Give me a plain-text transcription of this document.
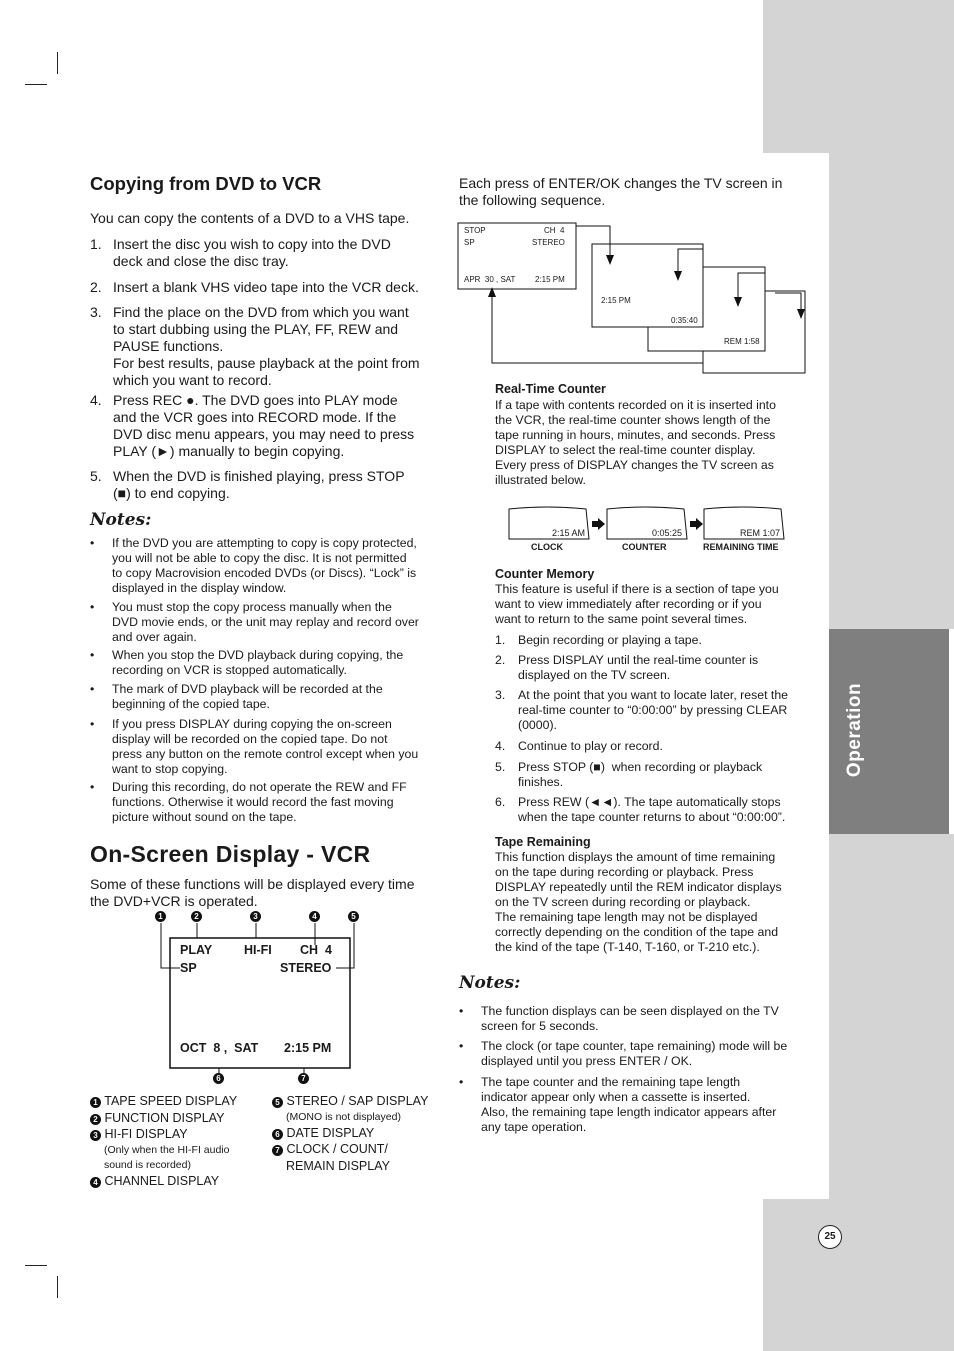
Operation
25
Copying from DVD to VCR
You can copy the contents of a DVD to a VHS tape.
1. Insert the disc you wish to copy into the DVD
deck and close the disc tray.
2. Insert a blank VHS video tape into the VCR deck.
3. Find the place on the DVD from which you want
to start dubbing using the PLAY, FF, REW and
PAUSE functions.
For best results, pause playback at the point from
which you want to record.
4. Press REC ●. The DVD goes into PLAY mode
and the VCR goes into RECORD mode. If the
DVD disc menu appears, you may need to press
PLAY (►) manually to begin copying.
5. When the DVD is finished playing, press STOP
(■) to end copying.
Notes:
• If the DVD you are attempting to copy is copy protected,
you will not be able to copy the disc. It is not permitted
to copy Macrovision encoded DVDs (or Discs). “Lock” is
displayed in the display window.
• You must stop the copy process manually when the
DVD movie ends, or the unit may replay and record over
and over again.
• When you stop the DVD playback during copying, the
recording on VCR is stopped automatically.
• The mark of DVD playback will be recorded at the
beginning of the copied tape.
• If you press DISPLAY during copying the on-screen
display will be recorded on the copied tape. Do not
press any button on the remote control except when you
want to stop copying.
• During this recording, do not operate the REW and FF
functions. Otherwise it would record the fast moving
picture without sound on the tape.
On-Screen Display - VCR
Some of these functions will be displayed every time
the DVD+VCR is operated.
1	2	3	4	5
6	7
PLAY	HI-FI CH  4
SP	STEREO
OCT  8 ,  SAT 2:15 PM
1 TAPE SPEED DISPLAY
2 FUNCTION DISPLAY
3 HI-FI DISPLAY
(Only when the HI-FI audio
sound is recorded)
4 CHANNEL DISPLAY
5 STEREO / SAP DISPLAY
(MONO is not displayed)
6 DATE DISPLAY
7 CLOCK / COUNT/
REMAIN DISPLAY
Each press of ENTER/OK changes the TV screen in
the following sequence.
STOP	CH  4
SP	STEREO
APR  30 , SAT 2:15 PM
2:15 PM
0:35:40
REM 1:58
Real-Time Counter
If a tape with contents recorded on it is inserted into
the VCR, the real-time counter shows length of the
tape running in hours, minutes, and seconds. Press
DISPLAY to select the real-time counter display.
Every press of DISPLAY changes the TV screen as
illustrated below.
2:15 AM	0:05:25	REM 1:07
CLOCK	COUNTER	REMAINING TIME
Counter Memory
This feature is useful if there is a section of tape you
want to view immediately after recording or if you
want to return to the same point several times.
1. Begin recording or playing a tape.
2. Press DISPLAY until the real-time counter is
displayed on the TV screen.
3. At the point that you want to locate later, reset the
real-time counter to “0:00:00” by pressing CLEAR
(0000).
4. Continue to play or record.
5. Press STOP (■)  when recording or playback
finishes.
6. Press REW (◄◄). The tape automatically stops
when the tape counter returns to about “0:00:00”.
Tape Remaining
This function displays the amount of time remaining
on the tape during recording or playback. Press
DISPLAY repeatedly until the REM indicator displays
on the TV screen during recording or playback.
The remaining tape length may not be displayed
correctly depending on the condition of the tape and
the kind of the tape (T-140, T-160, or T-210 etc.).
Notes:
• The function displays can be seen displayed on the TV
screen for 5 seconds.
• The clock (or tape counter, tape remaining) mode will be
displayed until you press ENTER / OK.
• The tape counter and the remaining tape length
indicator appear only when a cassette is inserted.
Also, the remaining tape length indicator appears after
any tape operation.
